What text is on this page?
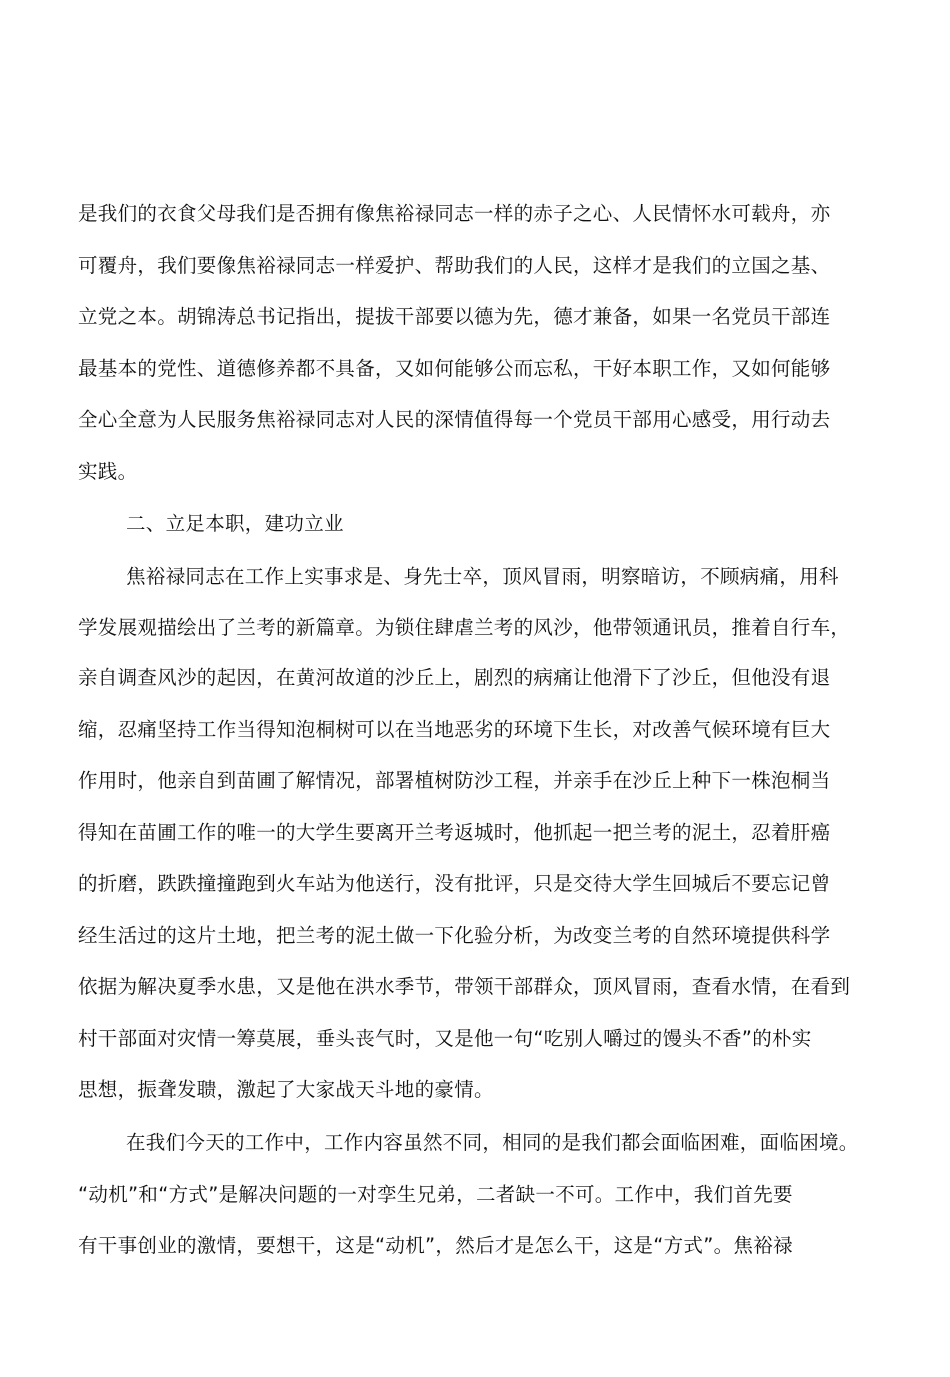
是我们的衣食父母我们是否拥有像焦裕禄同志一样的赤子之心、人民情怀水可载舟，亦
可覆舟，我们要像焦裕禄同志一样爱护、帮助我们的人民，这样才是我们的立国之基、
立党之本。胡锦涛总书记指出，提拔干部要以德为先，德才兼备，如果一名党员干部连
最基本的党性、道德修养都不具备，又如何能够公而忘私，干好本职工作，又如何能够
全心全意为人民服务焦裕禄同志对人民的深情值得每一个党员干部用心感受，用行动去
实践。
二、立足本职，建功立业
焦裕禄同志在工作上实事求是、身先士卒，顶风冒雨，明察暗访，不顾病痛，用科
学发展观描绘出了兰考的新篇章。为锁住肆虐兰考的风沙，他带领通讯员，推着自行车，
亲自调查风沙的起因，在黄河故道的沙丘上，剧烈的病痛让他滑下了沙丘，但他没有退
缩，忍痛坚持工作当得知泡桐树可以在当地恶劣的环境下生长，对改善气候环境有巨大
作用时，他亲自到苗圃了解情况，部署植树防沙工程，并亲手在沙丘上种下一株泡桐当
得知在苗圃工作的唯一的大学生要离开兰考返城时，他抓起一把兰考的泥土，忍着肝癌
的折磨，跌跌撞撞跑到火车站为他送行，没有批评，只是交待大学生回城后不要忘记曾
经生活过的这片土地，把兰考的泥土做一下化验分析，为改变兰考的自然环境提供科学
依据为解决夏季水患，又是他在洪水季节，带领干部群众，顶风冒雨，查看水情，在看到
村干部面对灾情一筹莫展，垂头丧气时，又是他一句“吃别人嚼过的馒头不香”的朴实
思想，振聋发聩，激起了大家战天斗地的豪情。
在我们今天的工作中，工作内容虽然不同，相同的是我们都会面临困难，面临困境。
“动机”和“方式”是解决问题的一对孪生兄弟，二者缺一不可。工作中，我们首先要
有干事创业的激情，要想干，这是“动机”，然后才是怎么干，这是“方式”。焦裕禄
